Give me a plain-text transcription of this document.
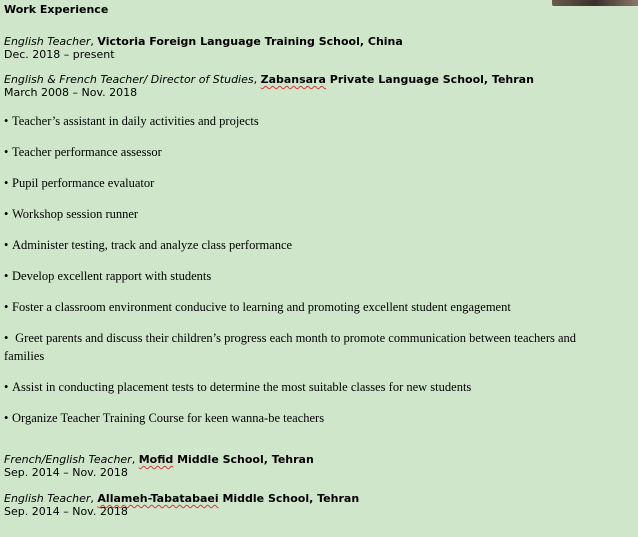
Work Experience
English Teacher, Victoria Foreign Language Training School, China
Dec. 2018 – present
English & French Teacher/ Director of Studies, Zabansara Private Language School, Tehran
March 2008 – Nov. 2018
• Teacher’s assistant in daily activities and projects
• Teacher performance assessor
• Pupil performance evaluator
• Workshop session runner
• Administer testing, track and analyze class performance
• Develop excellent rapport with students
• Foster a classroom environment conducive to learning and promoting excellent student engagement
• Greet parents and discuss their children’s progress each month to promote communication between teachers and families
• Assist in conducting placement tests to determine the most suitable classes for new students
• Organize Teacher Training Course for keen wanna-be teachers
French/English Teacher, Mofid Middle School, Tehran
Sep. 2014 – Nov. 2018
English Teacher, Allameh-Tabatabaei Middle School, Tehran
Sep. 2014 – Nov. 2018
